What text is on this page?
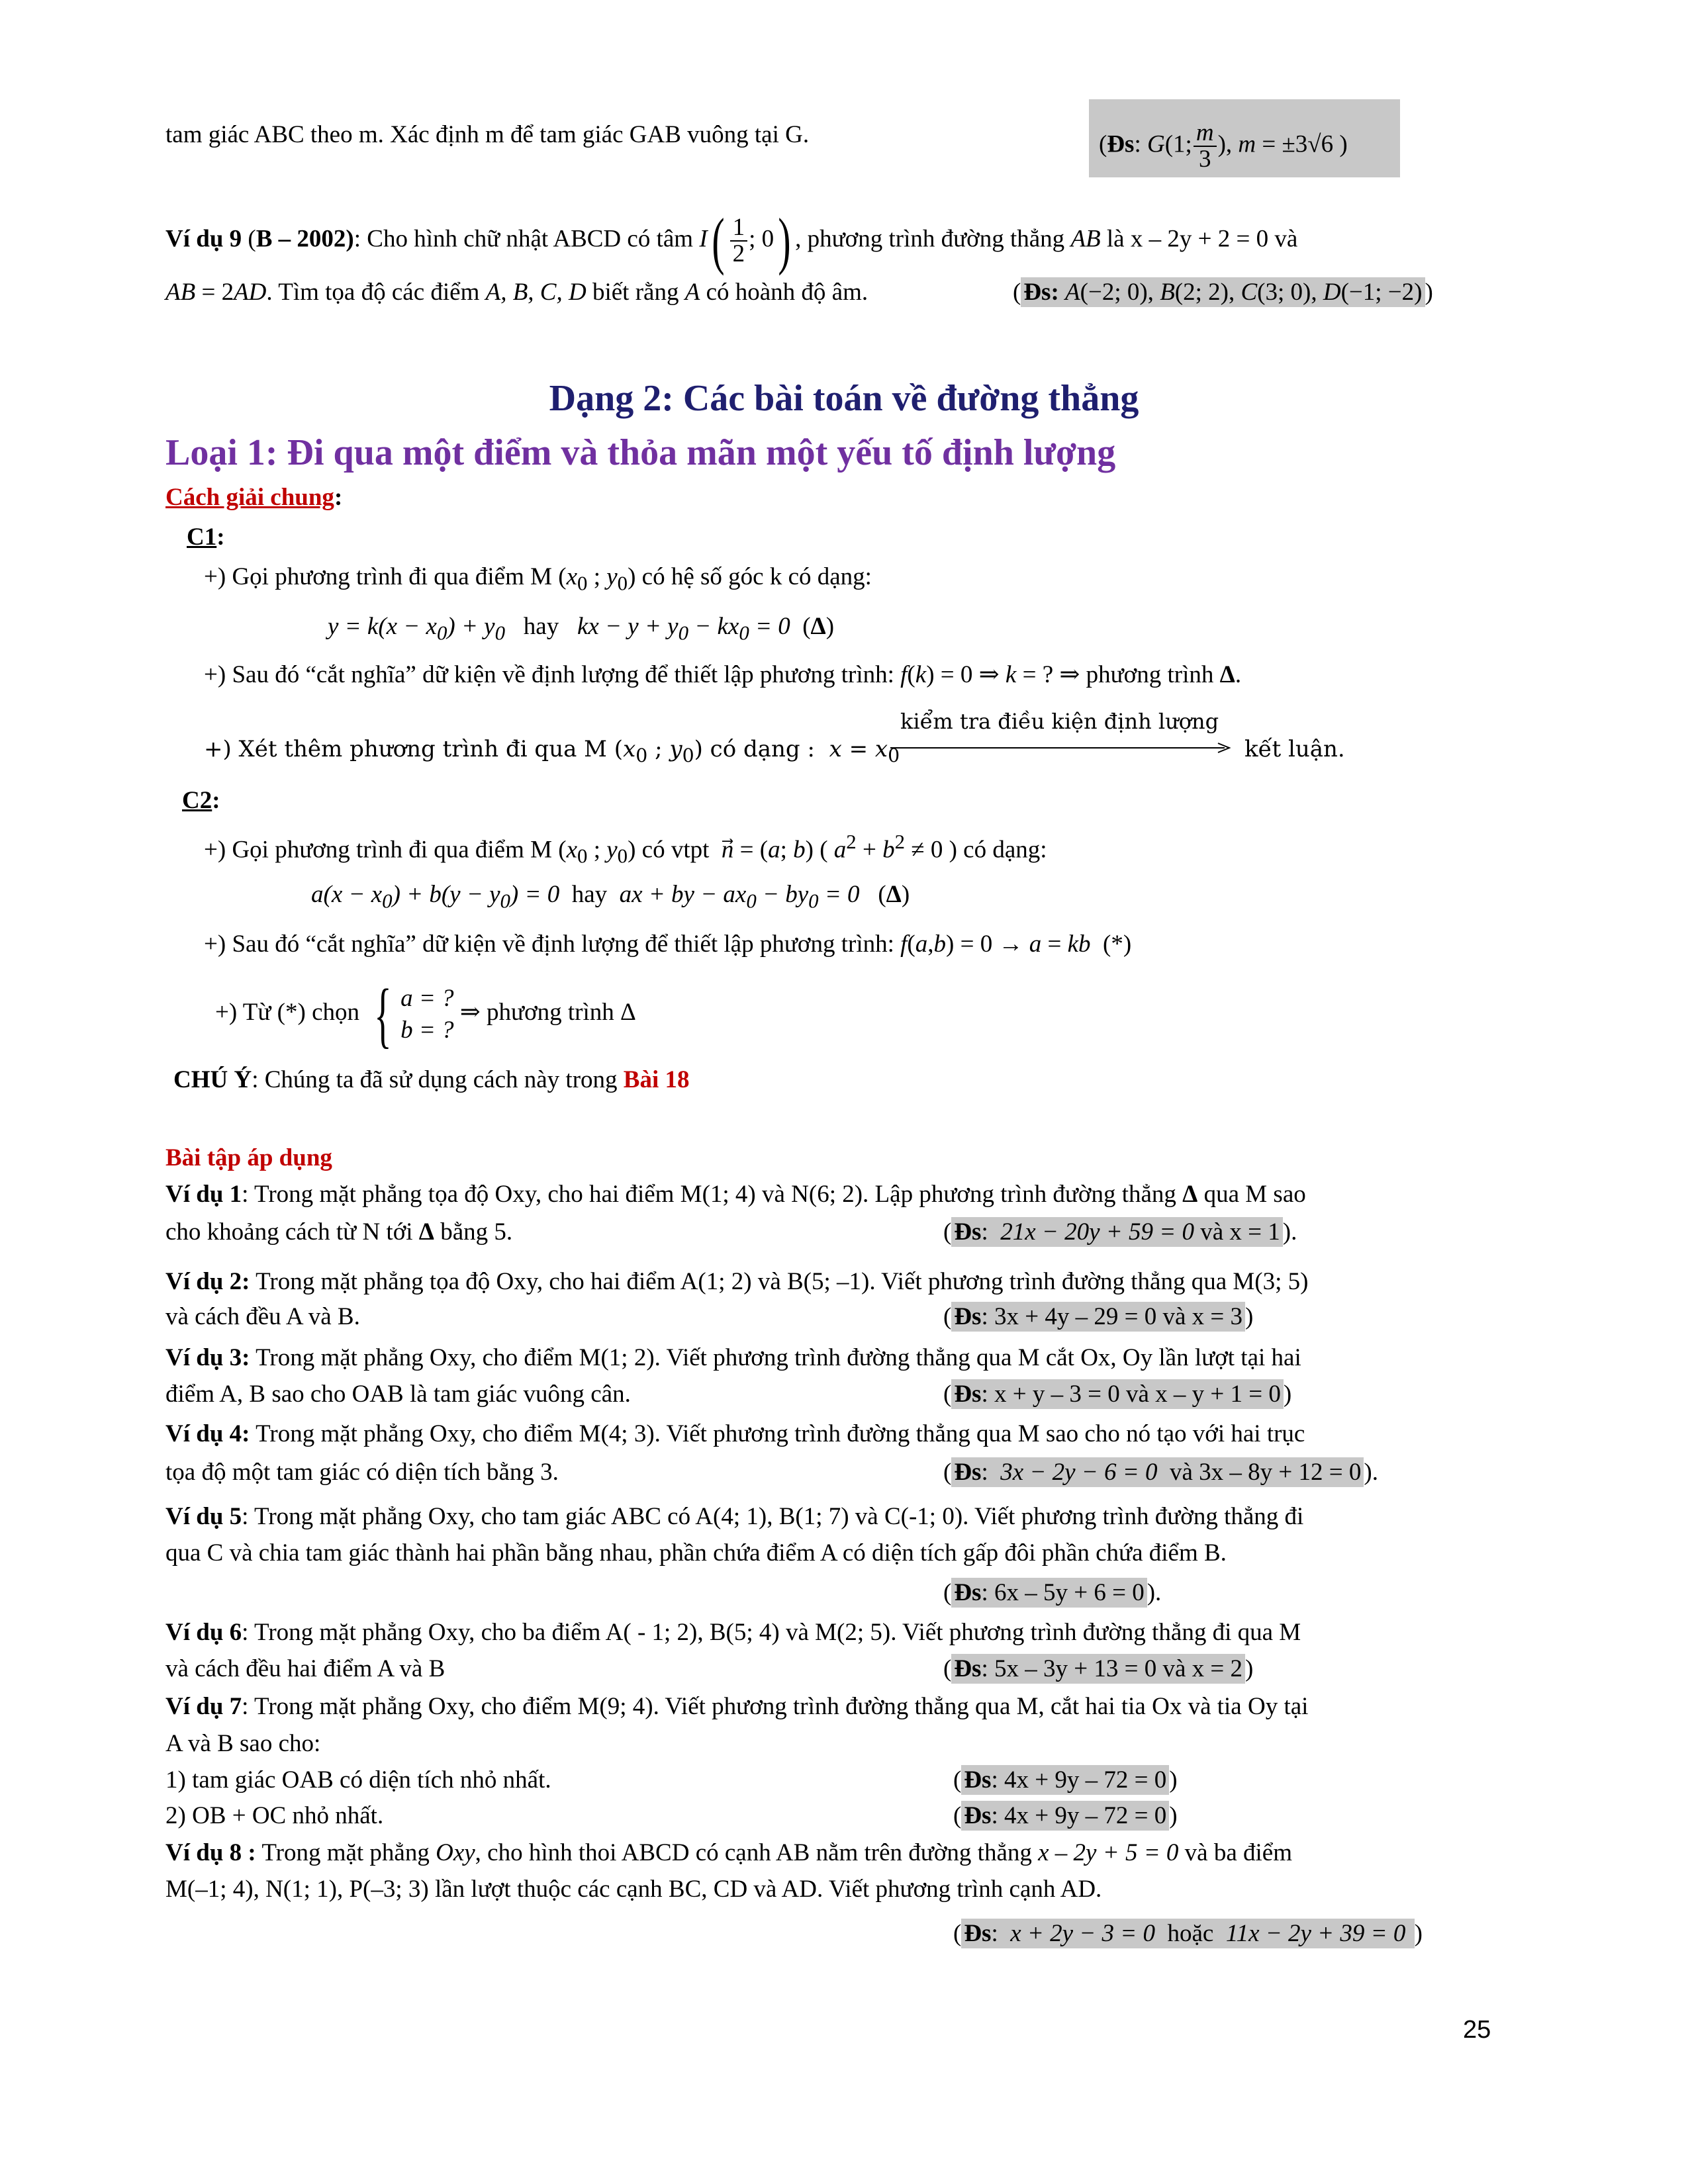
tam giác ABC theo m. Xác định m để tam giác GAB vuông tại G.	(Đs: G(1; $\frac{m}{3}$ ), m = ±3√6 )
Ví dụ 9 (B – 2002): Cho hình chữ nhật ABCD có tâm $I( \frac{1}{2}$ ; 0) , phương trình đường thẳng AB là x – 2y + 2 = 0 và
AB = 2AD. Tìm tọa độ các điểm A, B, C, D biết rằng A có hoành độ âm.	( Đs: A(−2; 0), B(2; 2), C(3; 0), D(−1; −2) )
Dạng 2: Các bài toán về đường thẳng
Loại 1: Đi qua một điểm và thỏa mãn một yếu tố định lượng
Cách giải chung:
C1:
+) Gọi phương trình đi qua điểm M ($x_0$ ; $y_0$) có hệ số góc k có dạng:
$y = k(x - x_0) + y_0$ hay   kx − $y + y_0 - kx_0 = 0$  (Δ)
+) Sau đó “cắt nghĩa” dữ kiện về định lượng để thiết lập phương trình: f(k) = 0 ⇒ k = ? ⇒ phương trình Δ.
+) Xét thêm phương trình đi qua M ($x_0$ ; $y_0$) có dạng :  $x = x_0$
kiểm tra điều kiện định lượng
kết luận.
C2:
+) Gọi phương trình đi qua điểm M ($x_0$ ; $y_0$) có vtpt  n⃗ = (a; b) ( $a^2 + b^2 \ne 0$ ) có dạng:
$a(x - x_0) + b(y - y_0) = 0$  hay  ax + by − $ax_0 - by_0 = 0$   (Δ)
+) Sau đó “cắt nghĩa” dữ kiện về định lượng để thiết lập phương trình: f(a,b) = 0 → a = kb  (*)
+) Từ (*) chọn { a = ?
b = ?
⇒ phương trình Δ
CHÚ Ý: Chúng ta đã sử dụng cách này trong Bài 18
Bài tập áp dụng
Ví dụ 1: Trong mặt phẳng tọa độ Oxy, cho hai điểm M(1; 4) và N(6; 2). Lập phương trình đường thẳng Δ qua M sao
cho khoảng cách từ N tới Δ bằng 5.	( Đs:  21x − 20y + 59 = 0 và x = 1 ).
Ví dụ 2: Trong mặt phẳng tọa độ Oxy, cho hai điểm A(1; 2) và B(5; –1). Viết phương trình đường thẳng qua M(3; 5)
và cách đều A và B.	( Đs: 3x + 4y – 29 = 0 và x = 3 )
Ví dụ 3: Trong mặt phẳng Oxy, cho điểm M(1; 2). Viết phương trình đường thẳng qua M cắt Ox, Oy lần lượt tại hai
điểm A, B sao cho OAB là tam giác vuông cân.	( Đs: x + y – 3 = 0 và x – y + 1 = 0 )
Ví dụ 4: Trong mặt phẳng Oxy, cho điểm M(4; 3). Viết phương trình đường thẳng qua M sao cho nó tạo với hai trục
tọa độ một tam giác có diện tích bằng 3.	( Đs:  3x − 2y − 6 = 0  và 3x – 8y + 12 = 0 ).
Ví dụ 5: Trong mặt phẳng Oxy, cho tam giác ABC có A(4; 1), B(1; 7) và C(-1; 0). Viết phương trình đường thẳng đi
qua C và chia tam giác thành hai phần bằng nhau, phần chứa điểm A có diện tích gấp đôi phần chứa điểm B.
( Đs: 6x – 5y + 6 = 0 ).
Ví dụ 6: Trong mặt phẳng Oxy, cho ba điểm A( - 1; 2), B(5; 4) và M(2; 5). Viết phương trình đường thẳng đi qua M
và cách đều hai điểm A và B	( Đs: 5x – 3y + 13 = 0 và x = 2 )
Ví dụ 7: Trong mặt phẳng Oxy, cho điểm M(9; 4). Viết phương trình đường thẳng qua M, cắt hai tia Ox và tia Oy tại
A và B sao cho:
1) tam giác OAB có diện tích nhỏ nhất.	( Đs: 4x + 9y – 72 = 0 )
2) OB + OC nhỏ nhất.	( Đs: 4x + 9y – 72 = 0 )
Ví dụ 8 : Trong mặt phẳng Oxy, cho hình thoi ABCD có cạnh AB nằm trên đường thẳng x – 2y + 5 = 0 và ba điểm
M(–1; 4), N(1; 1), P(–3; 3) lần lượt thuộc các cạnh BC, CD và AD. Viết phương trình cạnh AD.
( Đs:  x + 2y − 3 = 0  hoặc  11x − 2y + 39 = 0 )
25
